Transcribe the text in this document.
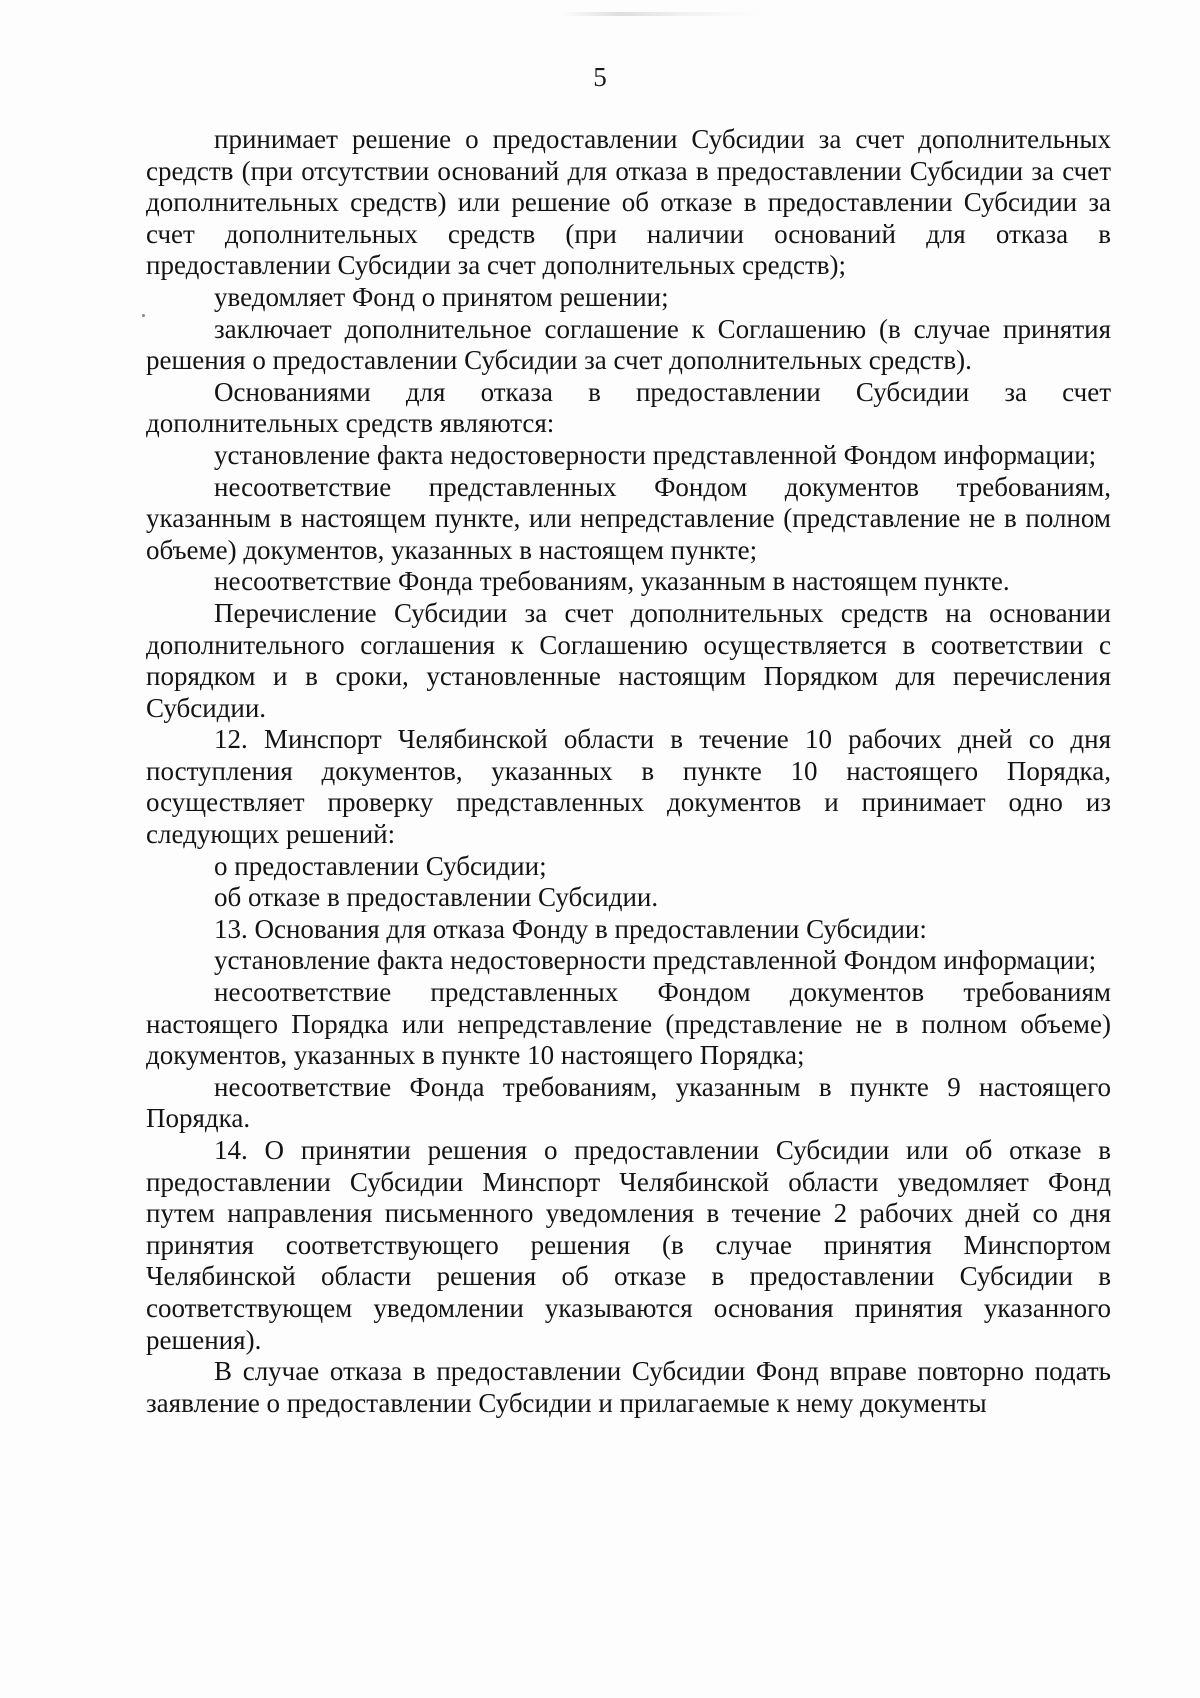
5

принимает решение о предоставлении Субсидии за счет дополнительных средств (при отсутствии оснований для отказа в предоставлении Субсидии за счет дополнительных средств) или решение об отказе в предоставлении Субсидии за счет дополнительных средств (при наличии оснований для отказа в предоставлении Субсидии за счет дополнительных средств);

уведомляет Фонд о принятом решении;

заключает дополнительное соглашение к Соглашению (в случае принятия решения о предоставлении Субсидии за счет дополнительных средств).

Основаниями для отказа в предоставлении Субсидии за счет дополнительных средств являются:

установление факта недостоверности представленной Фондом информации;

несоответствие представленных Фондом документов требованиям, указанным в настоящем пункте, или непредставление (представление не в полном объеме) документов, указанных в настоящем пункте;

несоответствие Фонда требованиям, указанным в настоящем пункте.

Перечисление Субсидии за счет дополнительных средств на основании дополнительного соглашения к Соглашению осуществляется в соответствии с порядком и в сроки, установленные настоящим Порядком для перечисления Субсидии.

12. Минспорт Челябинской области в течение 10 рабочих дней со дня поступления документов, указанных в пункте 10 настоящего Порядка, осуществляет проверку представленных документов и принимает одно из следующих решений:

о предоставлении Субсидии;

об отказе в предоставлении Субсидии.

13. Основания для отказа Фонду в предоставлении Субсидии:

установление факта недостоверности представленной Фондом информации;

несоответствие представленных Фондом документов требованиям настоящего Порядка или непредставление (представление не в полном объеме) документов, указанных в пункте 10 настоящего Порядка;

несоответствие Фонда требованиям, указанным в пункте 9 настоящего Порядка.

14. О принятии решения о предоставлении Субсидии или об отказе в предоставлении Субсидии Минспорт Челябинской области уведомляет Фонд путем направления письменного уведомления в течение 2 рабочих дней со дня принятия соответствующего решения (в случае принятия Минспортом Челябинской области решения об отказе в предоставлении Субсидии в соответствующем уведомлении указываются основания принятия указанного решения).

В случае отказа в предоставлении Субсидии Фонд вправе повторно подать заявление о предоставлении Субсидии и прилагаемые к нему документы
